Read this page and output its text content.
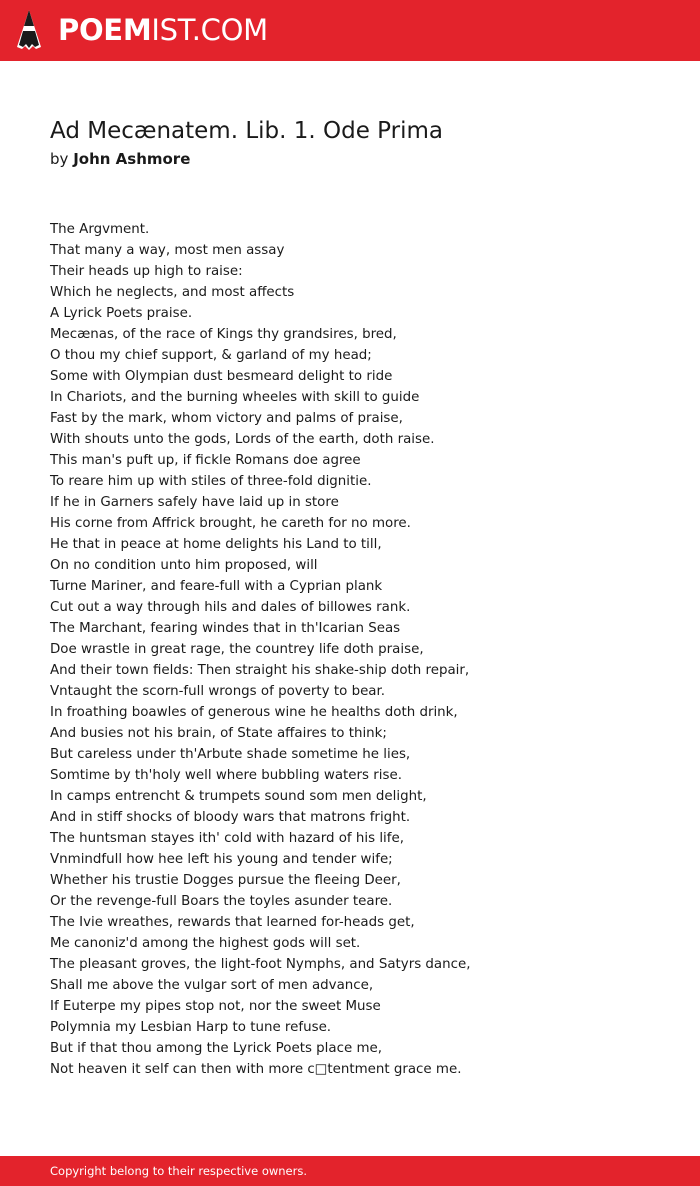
POEMIST.COM
Ad Mecænatem. Lib. 1. Ode Prima
by John Ashmore
The Argvment.
That many a way, most men assay
Their heads up high to raise:
Which he neglects, and most affects
A Lyrick Poets praise.
Mecænas, of the race of Kings thy grandsires, bred,
O thou my chief support, & garland of my head;
Some with Olympian dust besmeard delight to ride
In Chariots, and the burning wheeles with skill to guide
Fast by the mark, whom victory and palms of praise,
With shouts unto the gods, Lords of the earth, doth raise.
This man's puft up, if fickle Romans doe agree
To reare him up with stiles of three-fold dignitie.
If he in Garners safely have laid up in store
His corne from Affrick brought, he careth for no more.
He that in peace at home delights his Land to till,
On no condition unto him proposed, will
Turne Mariner, and feare-full with a Cyprian plank
Cut out a way through hils and dales of billowes rank.
The Marchant, fearing windes that in th'Icarian Seas
Doe wrastle in great rage, the countrey life doth praise,
And their town fields: Then straight his shake-ship doth repair,
Vntaught the scorn-full wrongs of poverty to bear.
In froathing boawles of generous wine he healths doth drink,
And busies not his brain, of State affaires to think;
But careless under th'Arbute shade sometime he lies,
Somtime by th'holy well where bubbling waters rise.
In camps entrencht & trumpets sound som men delight,
And in stiff shocks of bloody wars that matrons fright.
The huntsman stayes ith' cold with hazard of his life,
Vnmindfull how hee left his young and tender wife;
Whether his trustie Dogges pursue the fleeing Deer,
Or the revenge-full Boars the toyles asunder teare.
The Ivie wreathes, rewards that learned for-heads get,
Me canoniz'd among the highest gods will set.
The pleasant groves, the light-foot Nymphs, and Satyrs dance,
Shall me above the vulgar sort of men advance,
If Euterpe my pipes stop not, nor the sweet Muse
Polymnia my Lesbian Harp to tune refuse.
But if that thou among the Lyrick Poets place me,
Not heaven it self can then with more c□tentment grace me.
Copyright belong to their respective owners.
